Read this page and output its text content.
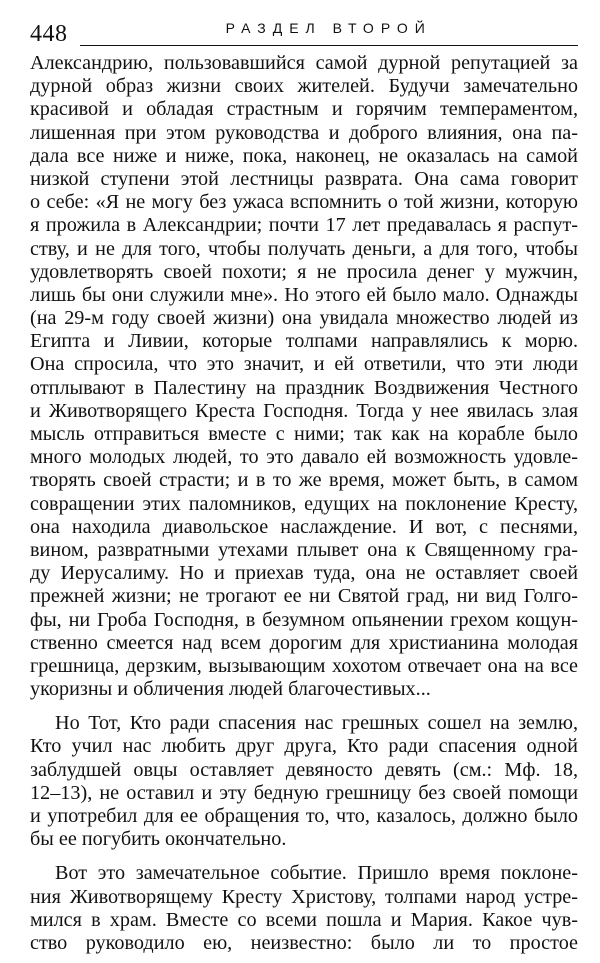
448	РАЗДЕЛ ВТОРОЙ
Александрию, пользовавшийся самой дурной репутацией за
дурной образ жизни своих жителей. Будучи замечательно
красивой и обладая страстным и горячим темпераментом,
лишенная при этом руководства и доброго влияния, она па-
дала все ниже и ниже, пока, наконец, не оказалась на самой
низкой ступени этой лестницы разврата. Она сама говорит
о себе: «Я не могу без ужаса вспомнить о той жизни, которую
я прожила в Александрии; почти 17 лет предавалась я распут-
ству, и не для того, чтобы получать деньги, а для того, чтобы
удовлетворять своей похоти; я не просила денег у мужчин,
лишь бы они служили мне». Но этого ей было мало. Однажды
(на 29-м году своей жизни) она увидала множество людей из
Египта и Ливии, которые толпами направлялись к морю.
Она спросила, что это значит, и ей ответили, что эти люди
отплывают в Палестину на праздник Воздвижения Честного
и Животворящего Креста Господня. Тогда у нее явилась злая
мысль отправиться вместе с ними; так как на корабле было
много молодых людей, то это давало ей возможность удовле-
творять своей страсти; и в то же время, может быть, в самом
совращении этих паломников, едущих на поклонение Кресту,
она находила диавольское наслаждение. И вот, с песнями,
вином, развратными утехами плывет она к Священному гра-
ду Иерусалиму. Но и приехав туда, она не оставляет своей
прежней жизни; не трогают ее ни Святой град, ни вид Голго-
фы, ни Гроба Господня, в безумном опьянении грехом кощун-
ственно смеется над всем дорогим для христианина молодая
грешница, дерзким, вызывающим хохотом отвечает она на все
укоризны и обличения людей благочестивых...
Но Тот, Кто ради спасения нас грешных сошел на землю,
Кто учил нас любить друг друга, Кто ради спасения одной
заблудшей овцы оставляет девяносто девять (см.: Мф. 18,
12–13), не оставил и эту бедную грешницу без своей помощи
и употребил для ее обращения то, что, казалось, должно было
бы ее погубить окончательно.
Вот это замечательное событие. Пришло время поклоне-
ния Животворящему Кресту Христову, толпами народ устре-
мился в храм. Вместе со всеми пошла и Мария. Какое чув-
ство руководило ею, неизвестно: было ли то простое
